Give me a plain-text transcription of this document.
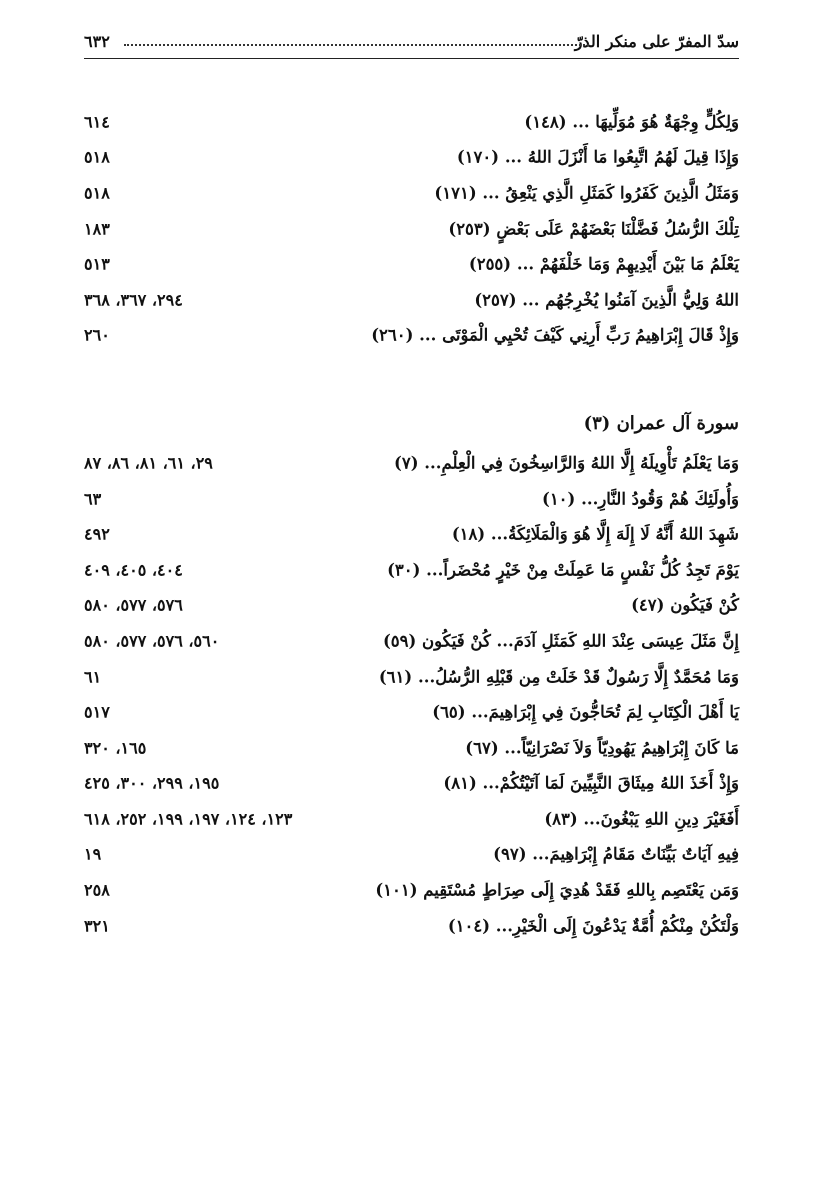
سدّ المفرّ على منكر الذرّ
٦٣٢
وَلِكُلٍّ وِجْهَةٌ هُوَ مُوَلِّيهَا ... (١٤٨)
٦١٤
وَإِذَا قِيلَ لَهُمُ اتَّبِعُوا مَا أَنْزَلَ اللهُ ... (١٧٠)
٥١٨
وَمَثَلُ الَّذِينَ كَفَرُوا كَمَثَلِ الَّذِي يَنْعِقُ ... (١٧١)
٥١٨
تِلْكَ الرُّسُلُ فَضَّلْنَا بَعْضَهُمْ عَلَى بَعْضٍ (٢٥٣)
١٨٣
يَعْلَمُ مَا بَيْنَ أَيْدِيهِمْ وَمَا خَلْفَهُمْ ... (٢٥٥)
٥١٣
اللهُ وَلِيُّ الَّذِينَ آمَنُوا يُخْرِجُهُم ... (٢٥٧)
٢٩٤، ٣٦٧، ٣٦٨
وَإِذْ قَالَ إِبْرَاهِيمُ رَبِّ أَرِنِي كَيْفَ تُحْيِي الْمَوْتَى ... (٢٦٠)
٢٦٠
سورة آل عمران (٣)
وَمَا يَعْلَمُ تَأْوِيلَهُ إِلَّا اللهُ وَالرَّاسِخُونَ فِي الْعِلْمِ... (٧)
٢٩، ٦١، ٨١، ٨٦، ٨٧
وَأُولَئِكَ هُمْ وَقُودُ النَّارِ... (١٠)
٦٣
شَهِدَ اللهُ أَنَّهُ لَا إِلَهَ إِلَّا هُوَ وَالْمَلَائِكَةُ... (١٨)
٤٩٢
يَوْمَ تَجِدُ كُلُّ نَفْسٍ مَا عَمِلَتْ مِنْ خَيْرٍ مُحْضَراً... (٣٠)
٤٠٤، ٤٠٥، ٤٠٩
كُنْ فَيَكُون (٤٧)
٥٧٦، ٥٧٧، ٥٨٠
إِنَّ مَثَلَ عِيسَى عِنْدَ اللهِ كَمَثَلِ آدَمَ... كُنْ فَيَكُون (٥٩)
٥٦٠، ٥٧٦، ٥٧٧، ٥٨٠
وَمَا مُحَمَّدٌ إِلَّا رَسُولٌ قَدْ خَلَتْ مِن قَبْلِهِ الرُّسُلُ... (٦١)
٦١
يَا أَهْلَ الْكِتَابِ لِمَ تُحَاجُّونَ فِي إِبْرَاهِيمَ... (٦٥)
٥١٧
مَا كَانَ إِبْرَاهِيمُ يَهُودِيّاً وَلاَ نَصْرَانِيّاً... (٦٧)
١٦٥، ٣٢٠
وَإِذْ أَخَذَ اللهُ مِيثَاقَ النَّبِيِّينَ لَمَا آتَيْتُكُمْ... (٨١)
١٩٥، ٢٩٩، ٣٠٠، ٤٢٥
أَفَغَيْرَ دِينِ اللهِ يَبْغُونَ... (٨٣)
١٢٣، ١٢٤، ١٩٧، ١٩٩، ٢٥٢، ٦١٨
فِيهِ آيَاتٌ بَيِّنَاتٌ مَقَامُ إِبْرَاهِيمَ... (٩٧)
١٩
وَمَن يَعْتَصِم بِاللهِ فَقَدْ هُدِيَ إِلَى صِرَاطٍ مُسْتَقِيم (١٠١)
٢٥٨
وَلْتَكُنْ مِنْكُمْ أُمَّةٌ يَدْعُونَ إِلَى الْخَيْرِ... (١٠٤)
٣٢١
